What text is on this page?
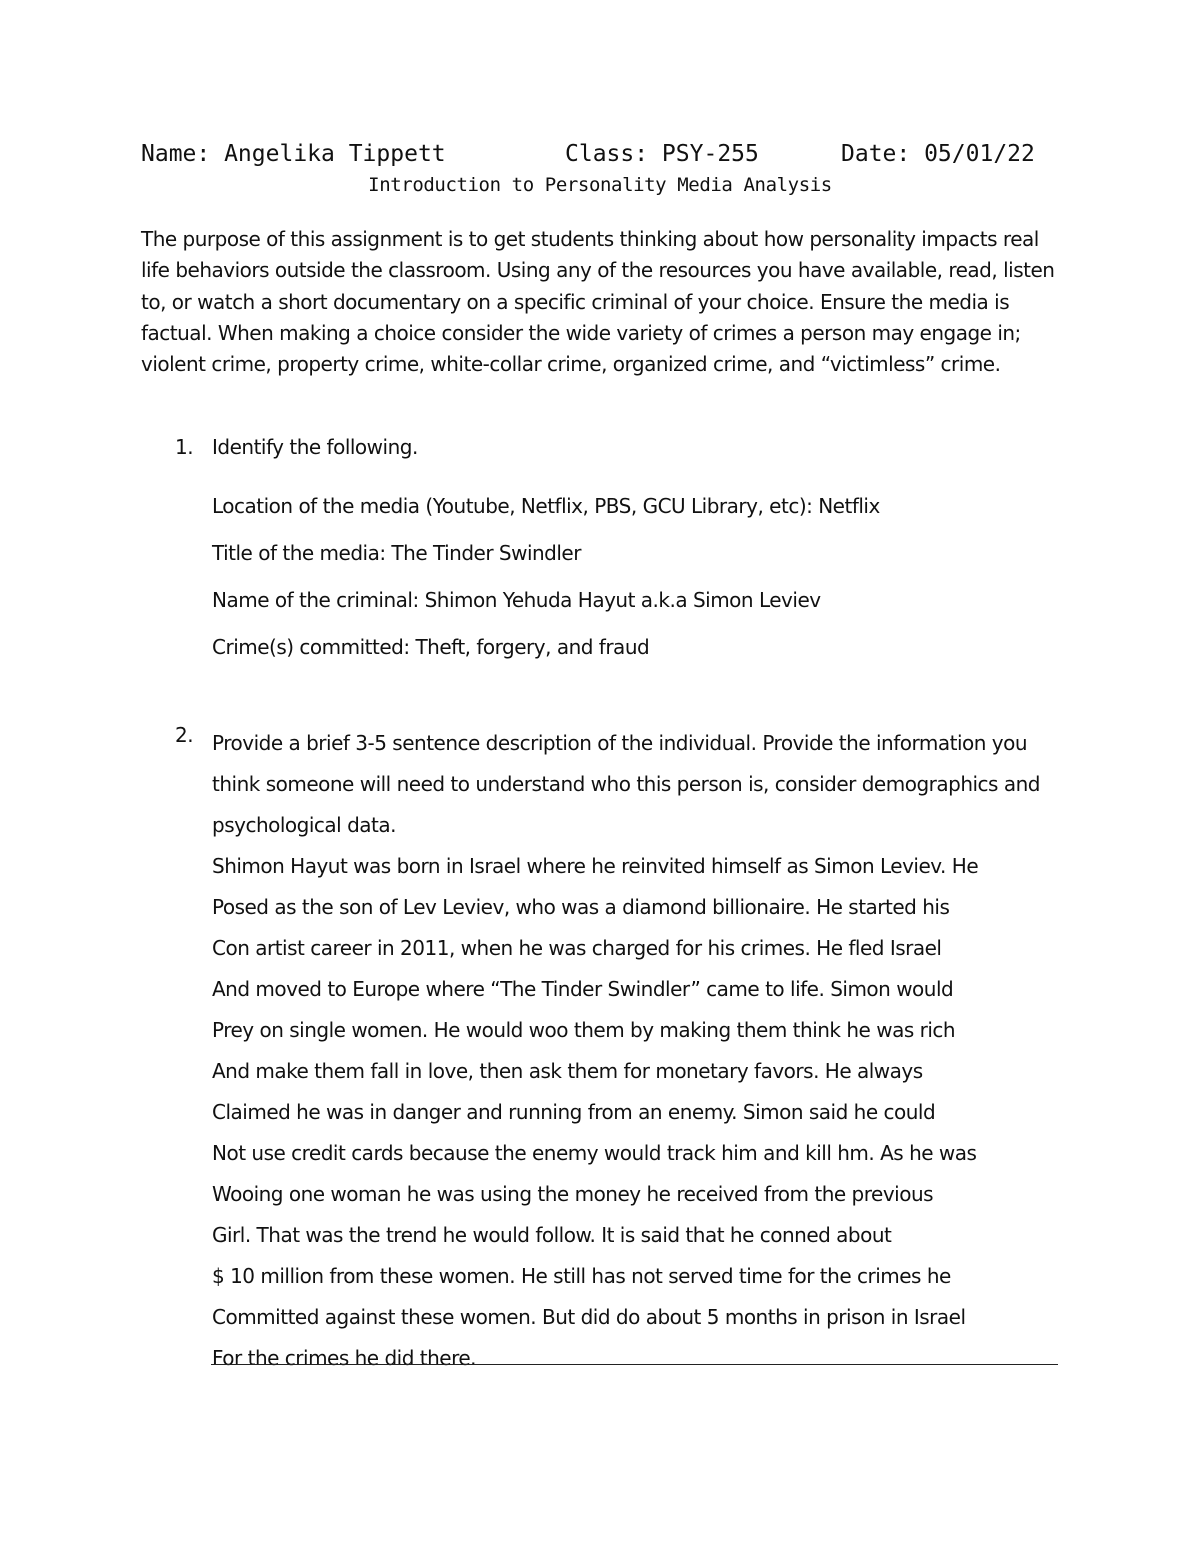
Name: Angelika Tippett	Class: PSY-255	Date: 05/01/22
Introduction to Personality Media Analysis
The purpose of this assignment is to get students thinking about how personality impacts real life behaviors outside the classroom. Using any of the resources you have available, read, listen to, or watch a short documentary on a specific criminal of your choice. Ensure the media is factual. When making a choice consider the wide variety of crimes a person may engage in; violent crime, property crime, white-collar crime, organized crime, and “victimless” crime.
1. Identify the following.
Location of the media (Youtube, Netflix, PBS, GCU Library, etc): Netflix
Title of the media: The Tinder Swindler
Name of the criminal: Shimon Yehuda Hayut a.k.a Simon Leviev
Crime(s) committed: Theft, forgery, and fraud
2. Provide a brief 3-5 sentence description of the individual. Provide the information you think someone will need to understand who this person is, consider demographics and psychological data.
Shimon Hayut was born in Israel where he reinvited himself as Simon Leviev. He
Posed as the son of Lev Leviev, who was a diamond billionaire. He started his
Con artist career in 2011, when he was charged for his crimes. He fled Israel
And moved to Europe where “The Tinder Swindler” came to life. Simon would
Prey on single women. He would woo them by making them think he was rich
And make them fall in love, then ask them for monetary favors. He always
Claimed he was in danger and running from an enemy. Simon said he could
Not use credit cards because the enemy would track him and kill hm. As he was
Wooing one woman he was using the money he received from the previous
Girl. That was the trend he would follow. It is said that he conned about
$ 10 million from these women. He still has not served time for the crimes he
Committed against these women. But did do about 5 months in prison in Israel
For the crimes he did there.
